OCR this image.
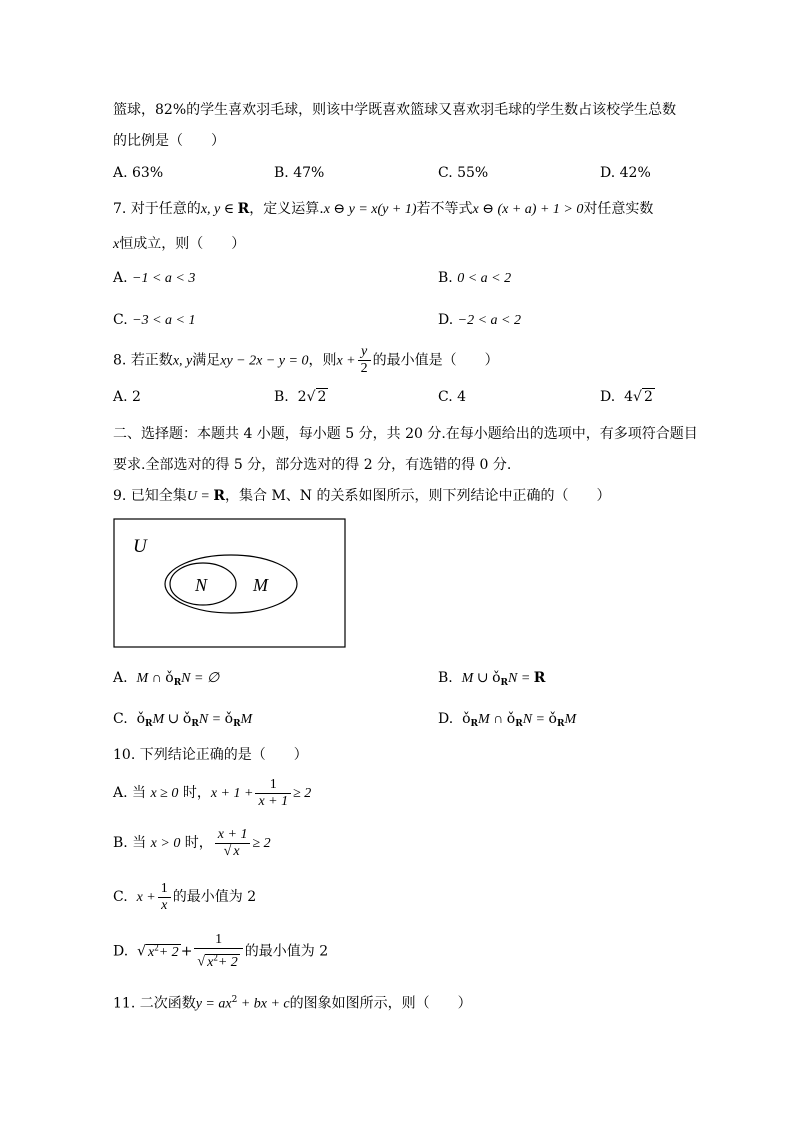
篮球，82%的学生喜欢羽毛球，则该中学既喜欢篮球又喜欢羽毛球的学生数占该校学生总数
的比例是（　　）
A. 63%	B. 47%	C. 55%	D. 42%
7. 对于任意的x, y ∈ R，定义运算.x ⊖ y = x(y + 1)若不等式x ⊖ (x + a) + 1 > 0对任意实数
x恒成立，则（　　）
A. −1 < a < 3	B. 0 < a < 2
C. −3 < a < 1	D. −2 < a < 2
8. 若正数x, y满足xy − 2x − y = 0，则$x + \frac{y}{2}$ 的最小值是（　　）
A. 2	B. 2√ 2	C. 4	D. 4√ 2
二、选择题：本题共 4 小题，每小题 5 分，共 20 分.在每小题给出的选项中，有多项符合题目
要求.全部选对的得 5 分，部分选对的得 2 分，有选错的得 0 分.
9. 已知全集U = R，集合 M、N 的关系如图所示，则下列结论中正确的（　　）
U
N	M
A. M ∩ $ǒ_RN$ = ∅	B. M ∪ $ǒ_RN = R$
C. $ǒ_RM$ ∪ $ǒ_RN$ = $ǒ_RM$	D. $ǒ_RM$ ∩ $ǒ_RN$ = $ǒ_RM$
10. 下列结论正确的是（　　）
A. 当 x ≥ 0 时，$x + 1 + \frac{1}{x + 1} \ge 2$
B. 当 x > 0 时， $\frac{x + 1}{√ x} \ge 2$
C. $x + \frac{1}{x}$ 的最小值为 2
D. √ $x^2+ 2 + \frac{1}{√ x^2+ 2}$ 的最小值为 2
11. 二次函数$y = ax^2$ + bx + c的图象如图所示，则（　　）
